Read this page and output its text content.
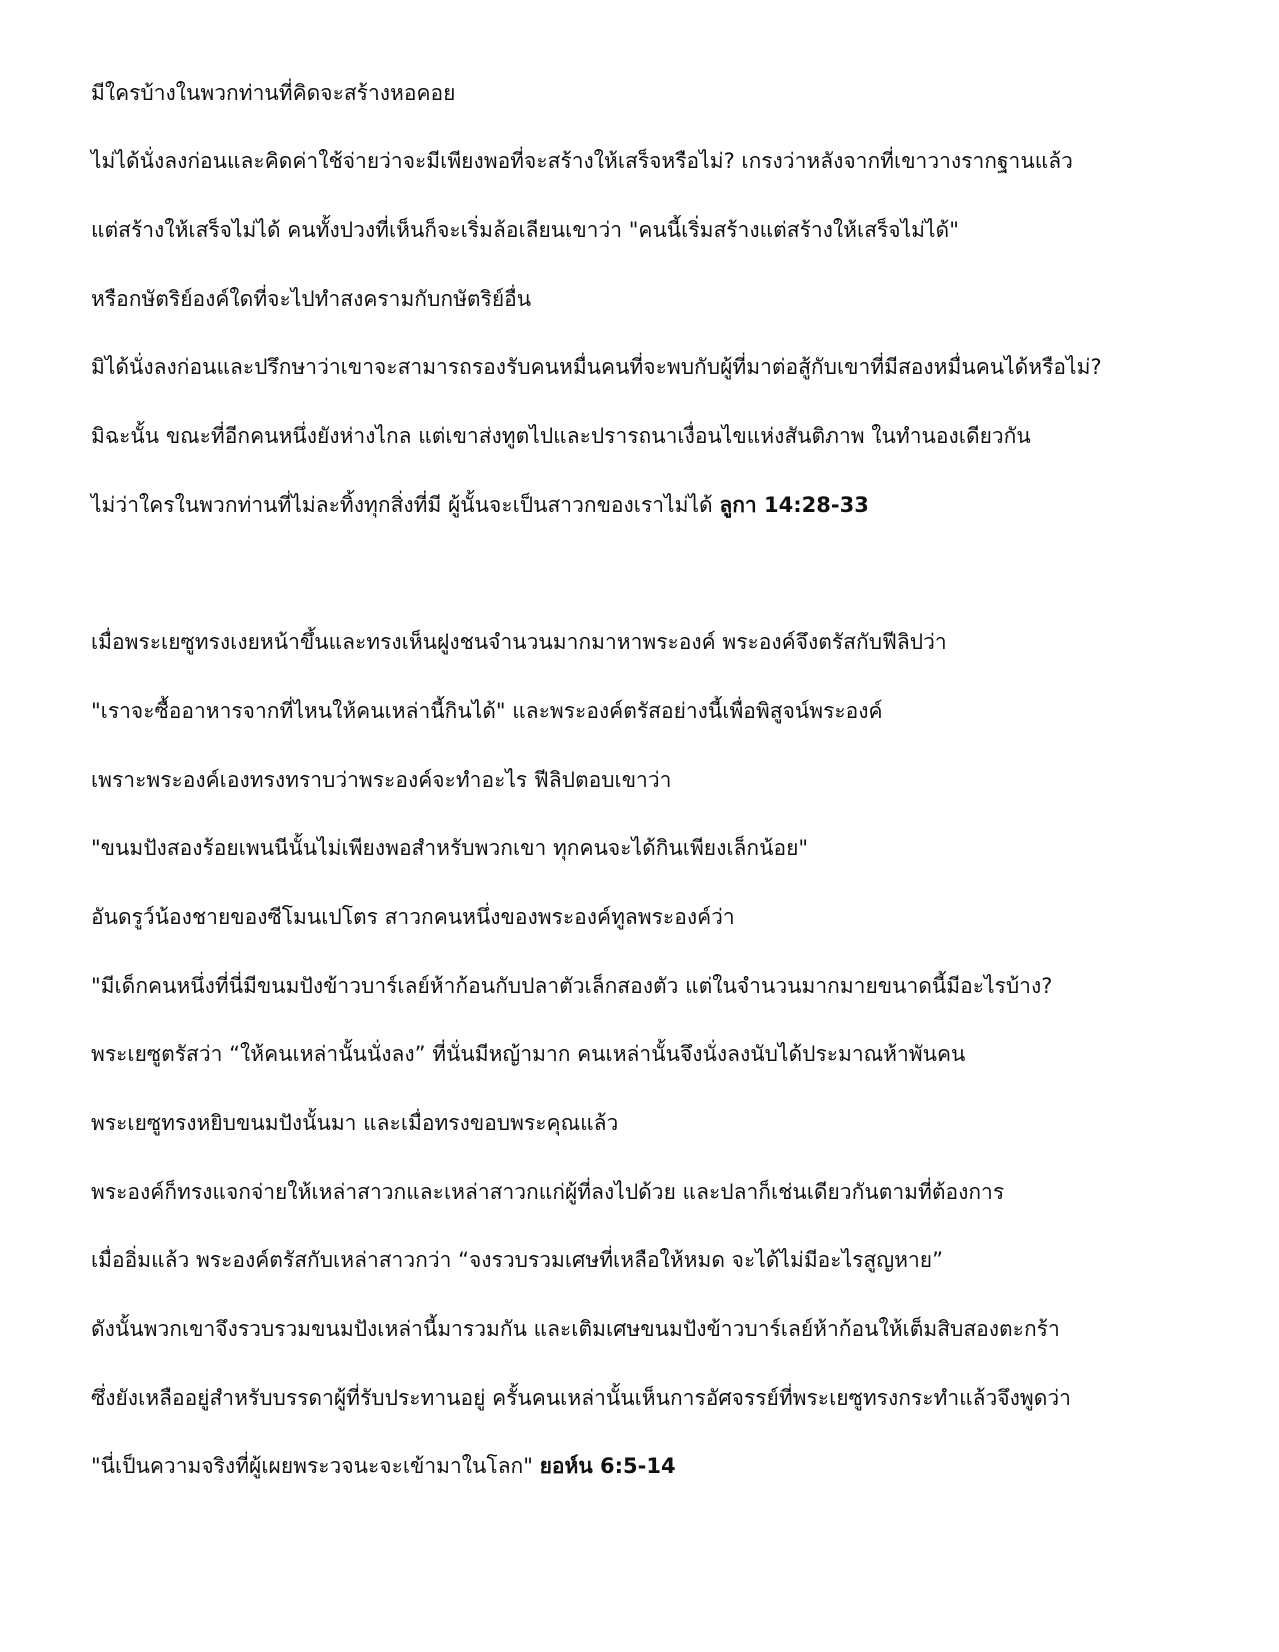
มีใครบ้างในพวกท่านที่คิดจะสร้างหอคอย

ไม่ได้นั่งลงก่อนและคิดค่าใช้จ่ายว่าจะมีเพียงพอที่จะสร้างให้เสร็จหรือไม่? เกรงว่าหลังจากที่เขาวางรากฐานแล้ว

แต่สร้างให้เสร็จไม่ได้ คนทั้งปวงที่เห็นก็จะเริ่มล้อเลียนเขาว่า "คนนี้เริ่มสร้างแต่สร้างให้เสร็จไม่ได้"

หรือกษัตริย์องค์ใดที่จะไปทำสงครามกับกษัตริย์อื่น

มิได้นั่งลงก่อนและปรึกษาว่าเขาจะสามารถรองรับคนหมื่นคนที่จะพบกับผู้ที่มาต่อสู้กับเขาที่มีสองหมื่นคนได้หรือไม่?

มิฉะนั้น ขณะที่อีกคนหนึ่งยังห่างไกล แต่เขาส่งทูตไปและปรารถนาเงื่อนไขแห่งสันติภาพ ในทำนองเดียวกัน

ไม่ว่าใครในพวกท่านที่ไม่ละทิ้งทุกสิ่งที่มี ผู้นั้นจะเป็นสาวกของเราไม่ได้ ลูกา 14:28-33

เมื่อพระเยซูทรงเงยหน้าขึ้นและทรงเห็นฝูงชนจำนวนมากมาหาพระองค์ พระองค์จึงตรัสกับฟีลิปว่า

"เราจะซื้ออาหารจากที่ไหนให้คนเหล่านี้กินได้" และพระองค์ตรัสอย่างนี้เพื่อพิสูจน์พระองค์

เพราะพระองค์เองทรงทราบว่าพระองค์จะทำอะไร ฟีลิปตอบเขาว่า

"ขนมปังสองร้อยเพนนีนั้นไม่เพียงพอสำหรับพวกเขา ทุกคนจะได้กินเพียงเล็กน้อย"

อันดรูว์น้องชายของซีโมนเปโตร สาวกคนหนึ่งของพระองค์ทูลพระองค์ว่า

"มีเด็กคนหนึ่งที่นี่มีขนมปังข้าวบาร์เลย์ห้าก้อนกับปลาตัวเล็กสองตัว แต่ในจำนวนมากมายขนาดนี้มีอะไรบ้าง?

พระเยซูตรัสว่า “ให้คนเหล่านั้นนั่งลง” ที่นั่นมีหญ้ามาก คนเหล่านั้นจึงนั่งลงนับได้ประมาณห้าพันคน

พระเยซูทรงหยิบขนมปังนั้นมา และเมื่อทรงขอบพระคุณแล้ว

พระองค์ก็ทรงแจกจ่ายให้เหล่าสาวกและเหล่าสาวกแก่ผู้ที่ลงไปด้วย และปลาก็เช่นเดียวกันตามที่ต้องการ

เมื่ออิ่มแล้ว พระองค์ตรัสกับเหล่าสาวกว่า “จงรวบรวมเศษที่เหลือให้หมด จะได้ไม่มีอะไรสูญหาย”

ดังนั้นพวกเขาจึงรวบรวมขนมปังเหล่านี้มารวมกัน และเติมเศษขนมปังข้าวบาร์เลย์ห้าก้อนให้เต็มสิบสองตะกร้า

ซึ่งยังเหลืออยู่สำหรับบรรดาผู้ที่รับประทานอยู่ ครั้นคนเหล่านั้นเห็นการอัศจรรย์ที่พระเยซูทรงกระทำแล้วจึงพูดว่า

"นี่เป็นความจริงที่ผู้เผยพระวจนะจะเข้ามาในโลก" ยอห์น 6:5-14
